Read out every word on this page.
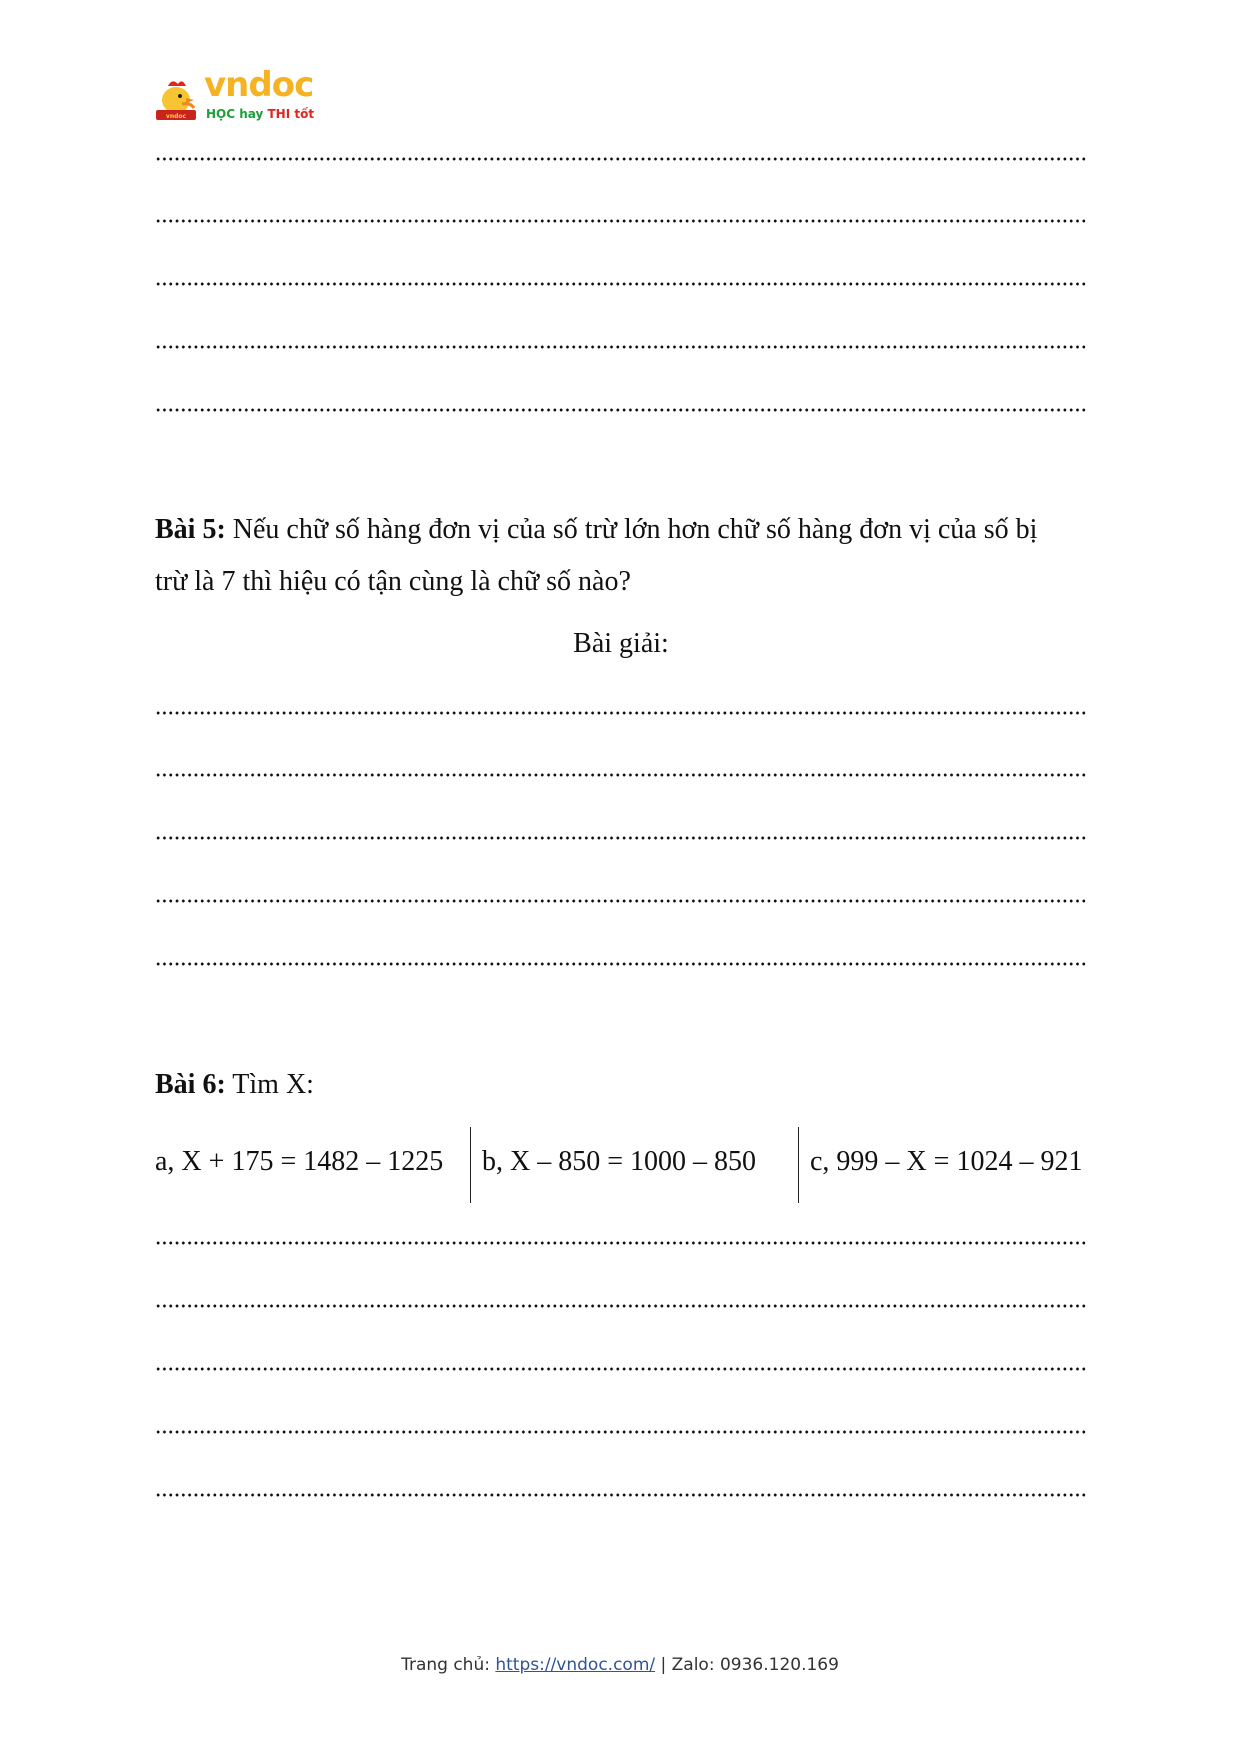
vndoc
vndoc
HỌC hay THI tốt
Bài 5: Nếu chữ số hàng đơn vị của số trừ lớn hơn chữ số hàng đơn vị của số bị
trừ là 7 thì hiệu có tận cùng là chữ số nào?
Bài giải:
Bài 6: Tìm X:
a, X + 175 = 1482 – 1225 b, X – 850 = 1000 – 850 c, 999 – X = 1024 – 921
Trang chủ: https://vndoc.com/ | Zalo: 0936.120.169
